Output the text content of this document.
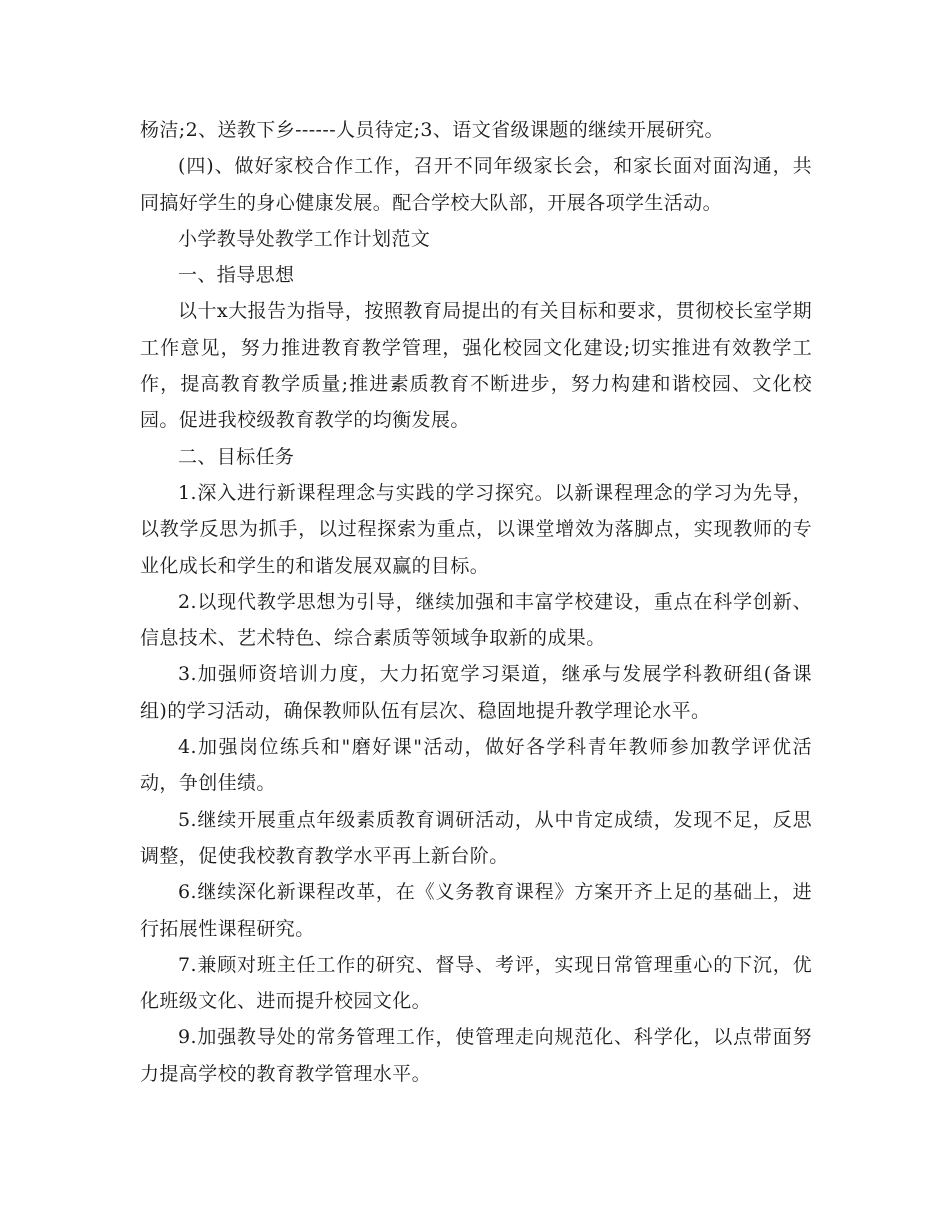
杨洁;2、送教下乡------人员待定;3、语文省级课题的继续开展研究。

(四)、做好家校合作工作，召开不同年级家长会，和家长面对面沟通，共同搞好学生的身心健康发展。配合学校大队部，开展各项学生活动。

小学教导处教学工作计划范文

一、指导思想

以十x大报告为指导，按照教育局提出的有关目标和要求，贯彻校长室学期工作意见，努力推进教育教学管理，强化校园文化建设;切实推进有效教学工作，提高教育教学质量;推进素质教育不断进步，努力构建和谐校园、文化校园。促进我校级教育教学的均衡发展。

二、目标任务

1.深入进行新课程理念与实践的学习探究。以新课程理念的学习为先导，以教学反思为抓手，以过程探索为重点，以课堂增效为落脚点，实现教师的专业化成长和学生的和谐发展双赢的目标。

2.以现代教学思想为引导，继续加强和丰富学校建设，重点在科学创新、信息技术、艺术特色、综合素质等领域争取新的成果。

3.加强师资培训力度，大力拓宽学习渠道，继承与发展学科教研组(备课组)的学习活动，确保教师队伍有层次、稳固地提升教学理论水平。

4.加强岗位练兵和"磨好课"活动，做好各学科青年教师参加教学评优活动，争创佳绩。

5.继续开展重点年级素质教育调研活动，从中肯定成绩，发现不足，反思调整，促使我校教育教学水平再上新台阶。

6.继续深化新课程改革，在《义务教育课程》方案开齐上足的基础上，进行拓展性课程研究。

7.兼顾对班主任工作的研究、督导、考评，实现日常管理重心的下沉，优化班级文化、进而提升校园文化。

9.加强教导处的常务管理工作，使管理走向规范化、科学化，以点带面努力提高学校的教育教学管理水平。
